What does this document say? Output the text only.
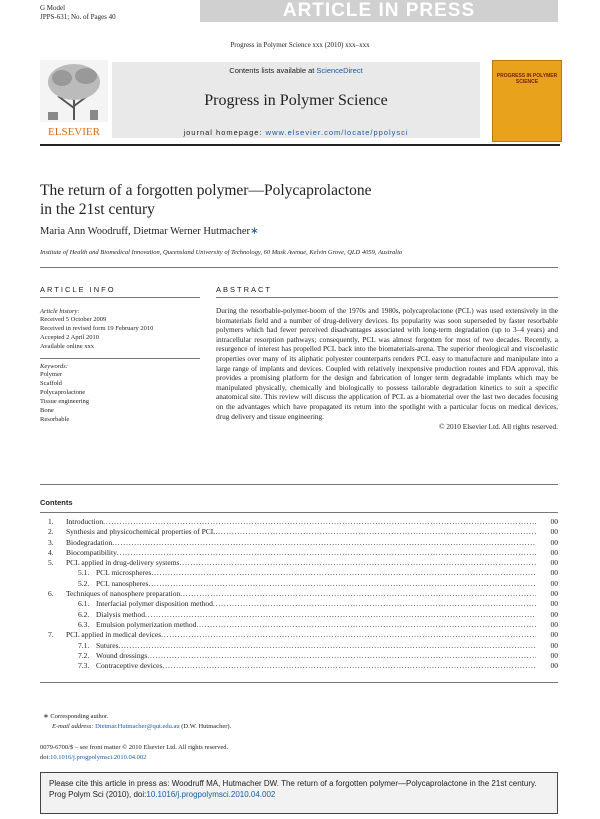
G Model
JPPS-631; No. of Pages 40	ARTICLE IN PRESS
Progress in Polymer Science xxx (2010) xxx–xxx
ELSEVIER
Contents lists available at ScienceDirect
Progress in Polymer Science
journal homepage: www.elsevier.com/locate/ppolysci
PROGRESS IN POLYMER SCIENCE
The return of a forgotten polymer—Polycaprolactone
in the 21st century
Maria Ann Woodruff, Dietmar Werner Hutmacher∗
Institute of Health and Biomedical Innovation, Queensland University of Technology, 60 Musk Avenue, Kelvin Grove, QLD 4059, Australia
ARTICLE INFO
Article history:
Received 5 October 2009
Received in revised form 19 February 2010
Accepted 2 April 2010
Available online xxx
Keywords:
Polymer
Scaffold
Polycaprolactone
Tissue engineering
Bone
Resorbable
ABSTRACT
During the resorbable-polymer-boom of the 1970s and 1980s, polycaprolactone (PCL) was used extensively in the biomaterials field and a number of drug-delivery devices. Its popularity was soon superseded by faster resorbable polymers which had fewer perceived disadvantages associated with long-term degradation (up to 3–4 years) and intracellular resorption pathways; consequently, PCL was almost forgotten for most of two decades. Recently, a resurgence of interest has propelled PCL back into the biomaterials-arena. The superior rheological and viscoelastic properties over many of its aliphatic polyester counterparts renders PCL easy to manufacture and manipulate into a large range of implants and devices. Coupled with relatively inexpensive production routes and FDA approval, this provides a promising platform for the design and fabrication of longer term degradable implants which may be manipulated physically, chemically and biologically to possess tailorable degradation kinetics to suit a specific anatomical site. This review will discuss the application of PCL as a biomaterial over the last two decades focusing on the advantages which have propagated its return into the spotlight with a particular focus on medical devices, drug delivery and tissue engineering.
© 2010 Elsevier Ltd. All rights reserved.
Contents
1.	Introduction . . .	00
2.	Synthesis and physicochemical properties of PCL . . .	00
3.	Biodegradation . . .	00
4.	Biocompatibility . . .	00
5.	PCL applied in drug-delivery systems . . .	00
5.1. PCL microspheres . . .	00
5.2. PCL nanospheres . . .	00
6.	Techniques of nanosphere preparation . . .	00
6.1. Interfacial polymer disposition method . . .	00
6.2. Dialysis method . . .	00
6.3. Emulsion polymerization method . . .	00
7.	PCL applied in medical devices . . .	00
7.1. Sutures . . .	00
7.2. Wound dressings . . .	00
7.3. Contraceptive devices . . .	00
∗ Corresponding author.
E-mail address: Dietmar.Hutmacher@qut.edu.au (D.W. Hutmacher).
0079-6700/$ – see front matter © 2010 Elsevier Ltd. All rights reserved.
doi:10.1016/j.progpolymsci.2010.04.002
Please cite this article in press as: Woodruff MA, Hutmacher DW. The return of a forgotten polymer—Polycaprolactone in the 21st century. Prog Polym Sci (2010), doi:10.1016/j.progpolymsci.2010.04.002
